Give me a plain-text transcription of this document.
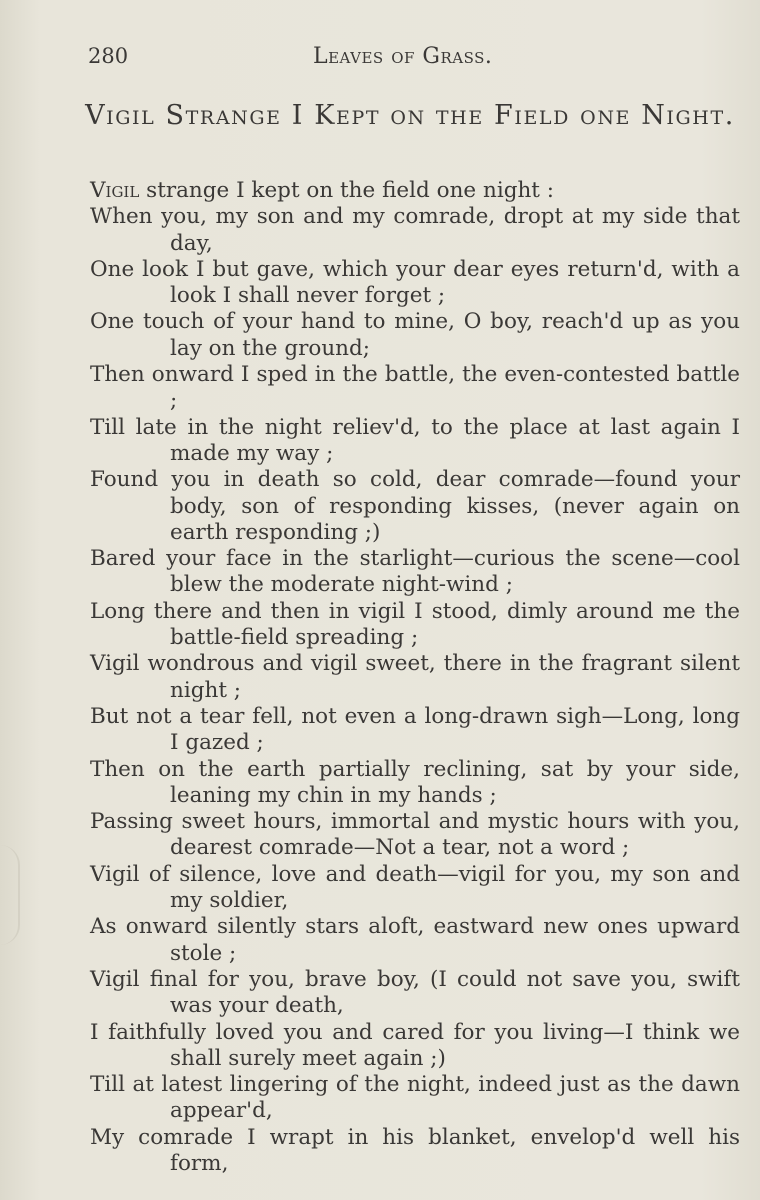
280	Leaves of Grass.
Vigil Strange I Kept on the Field one Night.
Vigil strange I kept on the field one night :
When you, my son and my comrade, dropt at my side that day,
One look I but gave, which your dear eyes return'd, with a look I shall never forget ;
One touch of your hand to mine, O boy, reach'd up as you lay on the ground;
Then onward I sped in the battle, the even-contested battle ;
Till late in the night reliev'd, to the place at last again I made my way ;
Found you in death so cold, dear comrade—found your body, son of responding kisses, (never again on earth responding ;)
Bared your face in the starlight—curious the scene—cool blew the moderate night-wind ;
Long there and then in vigil I stood, dimly around me the battle-field spreading ;
Vigil wondrous and vigil sweet, there in the fragrant silent night ;
But not a tear fell, not even a long-drawn sigh—Long, long I gazed ;
Then on the earth partially reclining, sat by your side, leaning my chin in my hands ;
Passing sweet hours, immortal and mystic hours with you, dearest comrade—Not a tear, not a word ;
Vigil of silence, love and death—vigil for you, my son and my soldier,
As onward silently stars aloft, eastward new ones upward stole ;
Vigil final for you, brave boy, (I could not save you, swift was your death,
I faithfully loved you and cared for you living—I think we shall surely meet again ;)
Till at latest lingering of the night, indeed just as the dawn appear'd,
My comrade I wrapt in his blanket, envelop'd well his form,
